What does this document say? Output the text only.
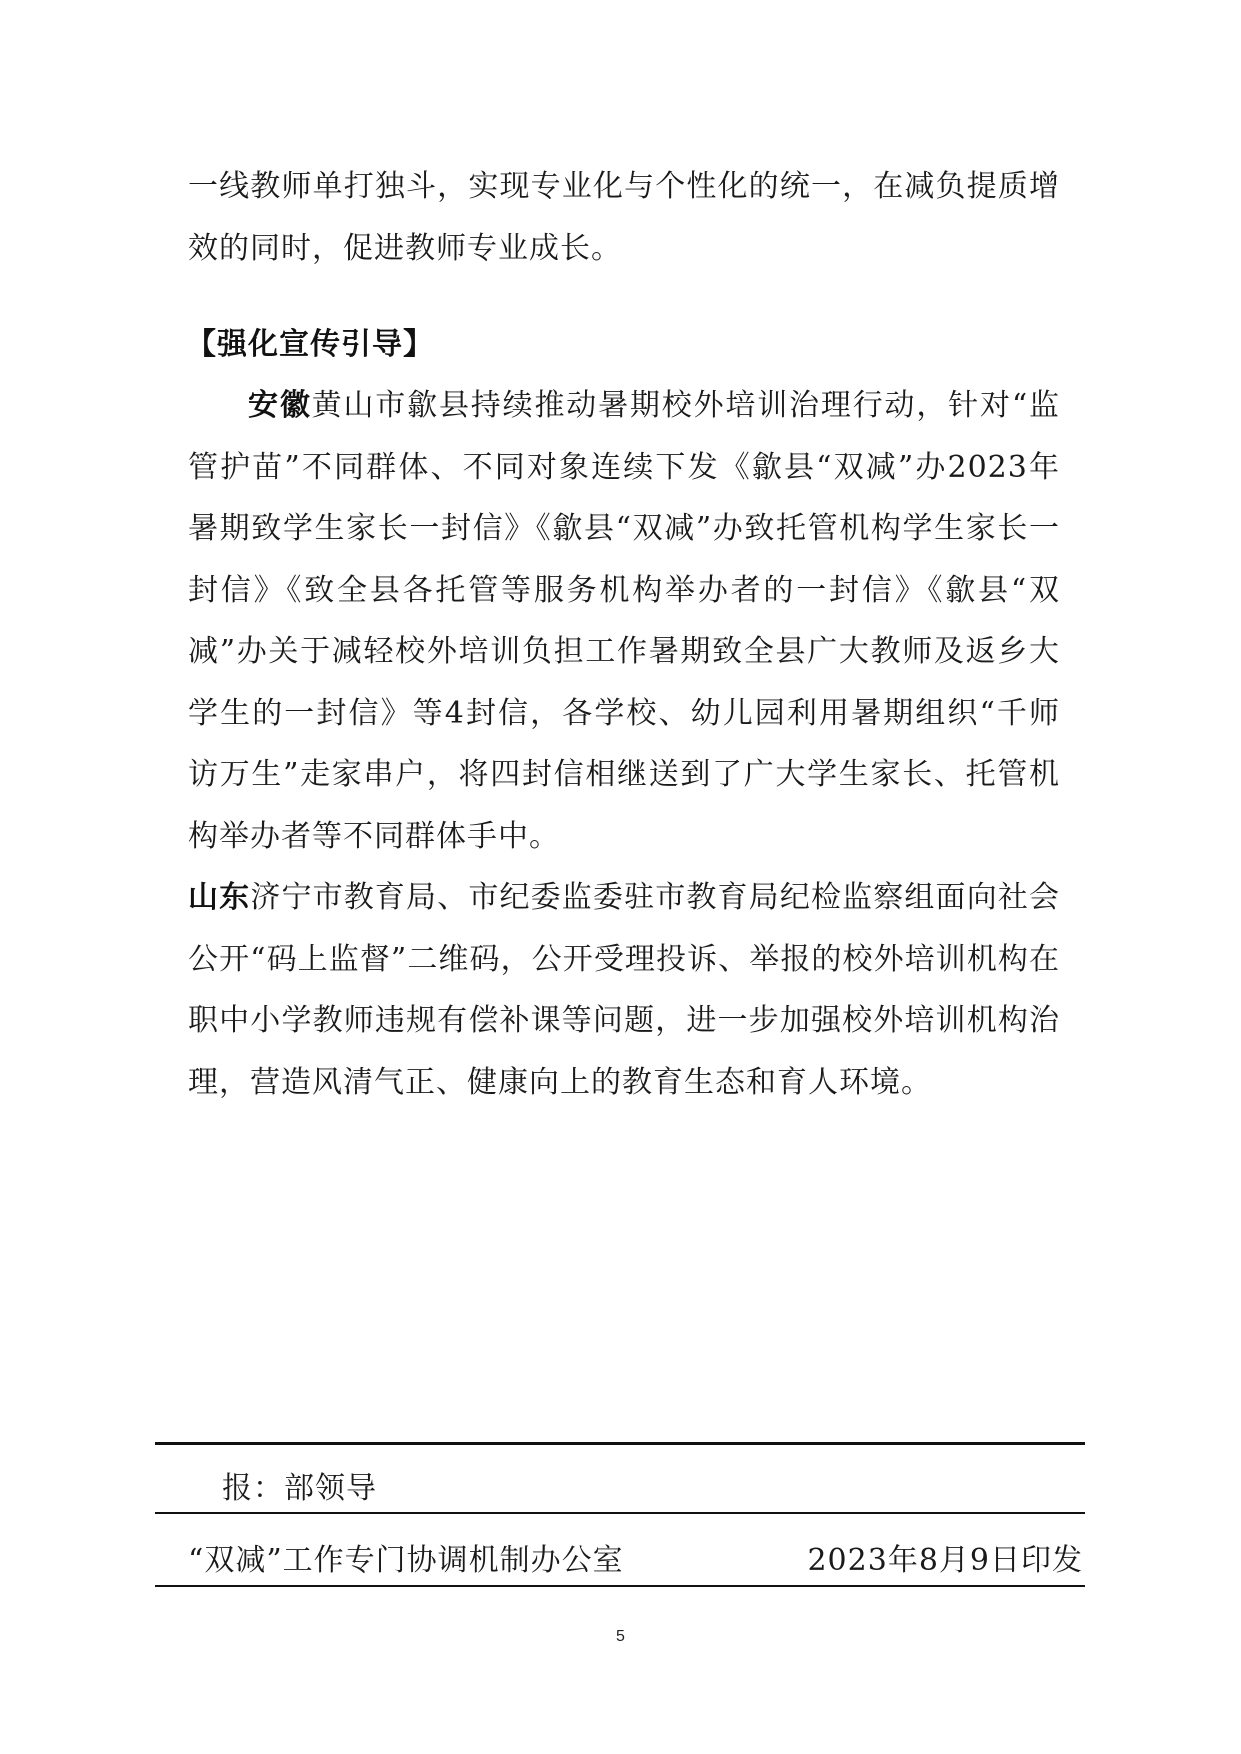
一线教师单打独斗，实现专业化与个性化的统一，在减负提质增效的同时，促进教师专业成长。
【强化宣传引导】
安徽黄山市歙县持续推动暑期校外培训治理行动，针对“监管护苗”不同群体、不同对象连续下发《歙县“双减”办2023年暑期致学生家长一封信》《歙县“双减”办致托管机构学生家长一封信》《致全县各托管等服务机构举办者的一封信》《歙县“双减”办关于减轻校外培训负担工作暑期致全县广大教师及返乡大学生的一封信》等4封信，各学校、幼儿园利用暑期组织“千师访万生”走家串户，将四封信相继送到了广大学生家长、托管机构举办者等不同群体手中。
山东济宁市教育局、市纪委监委驻市教育局纪检监察组面向社会公开“码上监督”二维码，公开受理投诉、举报的校外培训机构在职中小学教师违规有偿补课等问题，进一步加强校外培训机构治理，营造风清气正、健康向上的教育生态和育人环境。
报：部领导
“双减”工作专门协调机制办公室	2023年8月9日印发
5
